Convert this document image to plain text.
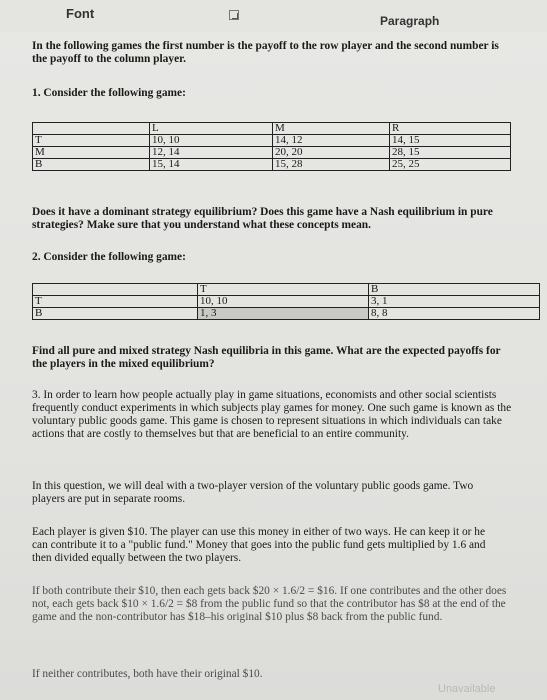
Font	Paragraph

In the following games the first number is the payoff to the row player and the second number is the payoff to the column player.

1. Consider the following game:

	L	M	R
T	10, 10	14, 12	14, 15
M	12, 14	20, 20	28, 15
B	15, 14	15, 28	25, 25

Does it have a dominant strategy equilibrium? Does this game have a Nash equilibrium in pure strategies? Make sure that you understand what these concepts mean.

2. Consider the following game:

	T	B
T	10, 10	3, 1
B	1, 3	8, 8

Find all pure and mixed strategy Nash equilibria in this game. What are the expected payoffs for the players in the mixed equilibrium?

3. In order to learn how people actually play in game situations, economists and other social scientists frequently conduct experiments in which subjects play games for money. One such game is known as the voluntary public goods game. This game is chosen to represent situations in which individuals can take actions that are costly to themselves but that are beneficial to an entire community.

In this question, we will deal with a two-player version of the voluntary public goods game. Two players are put in separate rooms.

Each player is given $10. The player can use this money in either of two ways. He can keep it or he can contribute it to a "public fund." Money that goes into the public fund gets multiplied by 1.6 and then divided equally between the two players.

If both contribute their $10, then each gets back $20 × 1.6/2 = $16. If one contributes and the other does not, each gets back $10 × 1.6/2 = $8 from the public fund so that the contributor has $8 at the end of the game and the non-contributor has $18–his original $10 plus $8 back from the public fund.

If neither contributes, both have their original $10.

Unavailable
